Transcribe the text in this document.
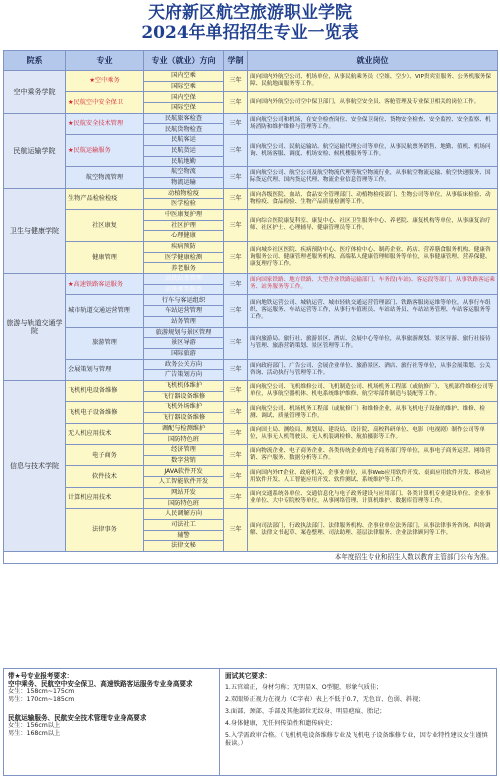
天府新区航空旅游职业学院
2024年单招招生专业一览表
院系	专业	专业（就业）方向	学制	就业岗位
空中乘务学院	★空中乘务	国内空乘	三年	面向国内外航空公司、机场单位，从事民航乘务员（空姐、空少）、VIP贵宾室服务、公务机服务保障、民航地面服务等工作。
		国际空乘		
	★民航空中安全保卫	国内空保	三年	面向国内外航空公司空中保卫部门，从事航空安全员、客舱管理及专业保卫相关的岗位工作。
		国际空保		
民航运输学院	★民航安全技术管理	民航旅客检查	三年	面向航空公司和机场，在安全检查岗位、安全保卫岗位、货物安全检查、安全监控、安全监察、机场消防和维护维修与管理等工作。
		民航货物检查		
	★民航运输服务	民航客运	三年	面向航空公司、民航运输站、航空运输代理公司等单位，从事民航票务销售、地勤、值机、机场问询、机场客服、调度、机场安检、候机楼服务等工作。
		民航货运		
		民航地勤		
	航空物流管理	航空物流	三年	面向航空公司、航空公司及航空物流代理等航空物流行业，从事航空物流运输、航空快递服务、国际货运代理、国内货运代理、物流企业信息管理等工作。
		物流运输		
卫生与健康学院	生物产品检验检疫	动植物检疫	三年	面向各级医院、血站、食品安全管理部门、动植物检疫部门、生物公司等单位，从事临床检验、动物检疫、食品检验、生物产品质量检测等工作。
		医学检验		
	社区康复	中医康复护理	三年	面向综合医院康复科室、康复中心、社区卫生服务中心、养老院、康复机构等单位，从事康复治疗师、社区护士、心理辅导、健康管理员等工作。
		社区护理		
		心理健康		
	健康管理	疾病预防	三年	面向城乡社区医院、疾病预防中心、医疗体检中心、制药企业、药店、营养膳食服务机构、健康咨询服务公司、健康管理老服务机构、高端私人健康管理师服务等单位，从事健康管理、营养保健、康复理疗等工作。
		医学健康检测		
		养老服务		
旅游与轨道交通学院	★高速铁路客运服务	高铁站务管理	三年	面向国家铁路、地方铁路、大型企业铁路运输部门，车务段(车站)、客运段等部门，从事铁路客运乘务、站务服务等工作。
		高铁乘务服务		
	城市轨道交通运营管理	行车与客运组织	三年	面向地铁运营公司、城轨运营、城市轻轨交通运营管理部门、铁路客服岗运维等单位，从事行车组织、客运服务、车站运营等工作，从事行车值班员、车站站务员、车站站务管理、车站客运服务等工作。
		车站运营管理		
		站务管理		
	旅游管理	旅游规划与景区管理	三年	面向旅游局、旅行社、旅游景区、酒店、会展中心等单位，从事旅游规划、景区导游、旅行社接待与管理、旅游营销策划、景区管理等工作。
		景区导游		
		国际旅游		
	会展策划与管理	政务公关方向	三年	面向政府部门、广告公司、会展企业单位、旅游景区、酒店、旅行社等单位，从事会展策划、公关咨询、活动执行与管理等工作。
		广告策划方向		
信息与技术学院	飞机机电设备维修	飞机机体维护	三年	面向航空公司、飞机维修公司、飞机制造公司、机场机务工程部（或航修厂）、飞机部件维修公司等单位，从事航空器机体、机电系统维护维修、航空零部件制造与装配等工作。
		飞行器设备维修		
	飞机电子设备维修	飞机外场维护	三年	面向航空公司、机场机务工程部（或航修厂）和维修企业，从事飞机电子设备的维护、维修、检测、调试、质量管理等工作。
		飞行器设备维修		
	无人机应用技术	调配与检测维护	三年	面向国土局、测绘局、规划局、建设局、设计院、高校科研单位、电影（电视剧）制作公司等单位，从事无人机驾驶员、无人机装调检修、航拍摄影等工作。
		国防特色班		
	电子商务	经济管理	三年	面向物流企业、电子商务企业、各类传统企业的电子商务部门等单位，从事电子商务运营、网络营销、客户服务、数据分析等工作。
		数字营销		
	软件技术	JAVA软件开发	三年	面向国内外IT企业、政府机关、企事业单位，从事Web应用软件开发、桌面应用软件开发、移动应用软件开发、人工智能应用开发、软件测试、系统维护等工作。
		人工智能软件开发		
	计算机应用技术	网站开发	三年	面向交通系统各单位、交通信息化与电子政务建设与应用部门、各类计算机专业建设单位、企业事业单位、大中专院校等单位，从事网络管理、计算机维护、数据库管理等工作。
		国防特色班		
	法律事务	人民调解方向	三年	面向司法部门，行政执法部门、法律服务机构、企事业单位法务部门，从事法律事务咨询、纠纷调解、法律文书起草、案卷整理、司法助理、基层法律服务、企业法律顾问等工作。
		司法社工		
		辅警		
		法律文秘		
本年度招生专业和招生人数以教育主管部门公布为准。				
带★号专业报考要求：
空中乘务、民航空中安全保卫、高速铁路客运服务专业身高要求
女生：158cm~175cm
男生：170cm~185cm
民航运输服务、民航安全技术管理专业身高要求
女生：156cm以上
男生：168cm以上
面试其它要求：
1.五官端正，身材匀称；无明显X、O型腿，形象气质佳；
2.双眼矫正视力在视力（C字表）表上不低于0.7，无色盲、色弱、斜视；
3.面部、颈部、手部及其他部位无纹身、明显疤痕、胎记；
4.身体健康，无任何传染性和遗传病史；
5.入学需政审合格。（飞机机电设备维修专业及飞机电子设备维修专业，因专业特性建议女生谨慎报读。）
